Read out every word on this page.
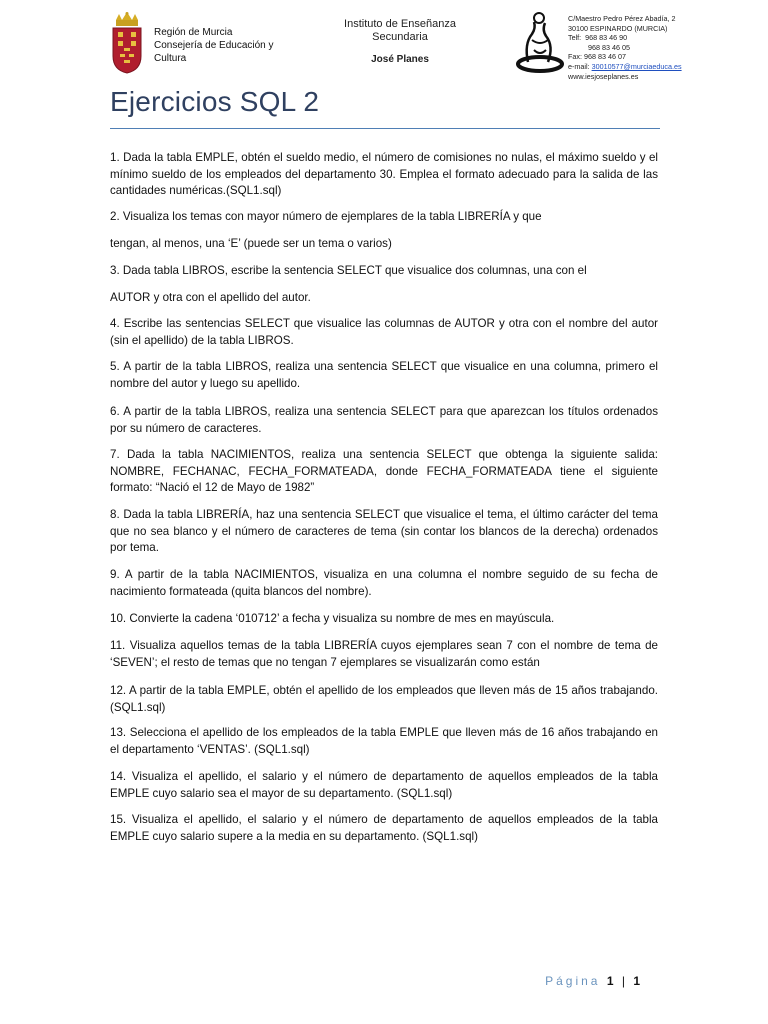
Región de Murcia
Consejería de Educación y
Cultura
Instituto de Enseñanza
Secundaria
José Planes
C/Maestro Pedro Pérez Abadía, 2
30100 ESPINARDO (MURCIA)
Telf:  968 83 46 90
968 83 46 05
Fax: 968 83 46 07
e-mail: 30010577@murciaeduca.es
www.iesjoseplanes.es
Ejercicios SQL 2
1. Dada la tabla EMPLE, obtén el sueldo medio, el número de comisiones no nulas, el máximo sueldo y el mínimo sueldo de los empleados del departamento 30. Emplea el formato adecuado para la salida de las cantidades numéricas.(SQL1.sql)
2. Visualiza los temas con mayor número de ejemplares de la tabla LIBRERÍA y que
tengan, al menos, una ‘E’ (puede ser un tema o varios)
3. Dada tabla LIBROS, escribe la sentencia SELECT que visualice dos columnas, una con el
AUTOR y otra con el apellido del autor.
4. Escribe las sentencias SELECT que visualice las columnas de AUTOR y otra con el nombre del autor (sin el apellido) de la tabla LIBROS.
5. A partir de la tabla LIBROS, realiza una sentencia SELECT que visualice en una columna, primero el nombre del autor y luego su apellido.
6. A partir de la tabla LIBROS, realiza una sentencia SELECT para que aparezcan los títulos ordenados por su número de caracteres.
7. Dada la tabla NACIMIENTOS, realiza una sentencia SELECT que obtenga la siguiente salida: NOMBRE, FECHANAC, FECHA_FORMATEADA, donde FECHA_FORMATEADA tiene el siguiente formato: “Nació el 12 de Mayo de 1982”
8. Dada la tabla LIBRERÍA, haz una sentencia SELECT que visualice el tema, el último carácter del tema que no sea blanco y el número de caracteres de tema (sin contar los blancos de la derecha) ordenados por tema.
9. A partir de la tabla NACIMIENTOS, visualiza en una columna el nombre seguido de su fecha de nacimiento formateada (quita blancos del nombre).
10. Convierte la cadena ‘010712’ a fecha y visualiza su nombre de mes en mayúscula.
11. Visualiza aquellos temas de la tabla LIBRERÍA cuyos ejemplares sean 7 con el nombre de tema de ‘SEVEN’; el resto de temas que no tengan 7 ejemplares se visualizarán como están
12. A partir de la tabla EMPLE, obtén el apellido de los empleados que lleven más de 15 años trabajando. (SQL1.sql)
13. Selecciona el apellido de los empleados de la tabla EMPLE que lleven más de 16 años trabajando en el departamento ‘VENTAS’. (SQL1.sql)
14. Visualiza el apellido, el salario y el número de departamento de aquellos empleados de la tabla EMPLE cuyo salario sea el mayor de su departamento. (SQL1.sql)
15. Visualiza el apellido, el salario y el número de departamento de aquellos empleados de la tabla EMPLE cuyo salario supere a la media en su departamento. (SQL1.sql)
Página 1 | 1
